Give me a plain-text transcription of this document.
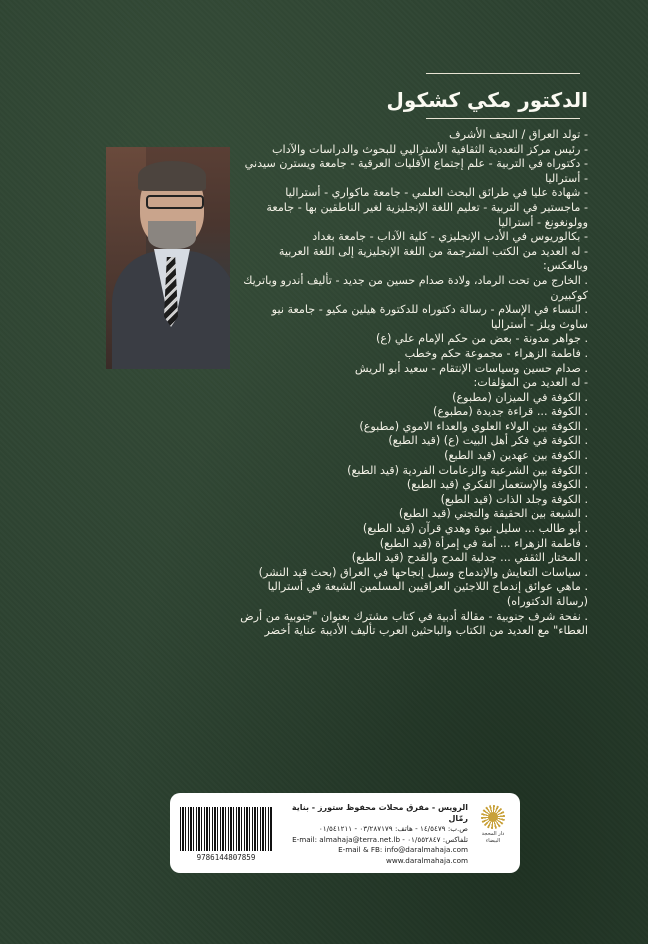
الدكتور مكي كشكول

- تولد العراق / النجف الأشرف

- رئيس مركز التعددية الثقافية الأستراليي للبحوث والدراسات والآداب

- دكتوراه في التربية - علم إجتماع الأقليات العرقية - جامعة ويسترن سيدني - أستراليا

- شهادة عليا في طرائق البحث العلمي - جامعة ماكواري - أستراليا

- ماجستير في التربية - تعليم اللغة الإنجليزية لغير الناطقين بها - جامعة وولونغونغ - أستراليا

- بكالوريوس في الأدب الإنجليزي - كلية الآداب - جامعة بغداد

- له العديد من الكتب المترجمة من اللغة الإنجليزية إلى اللغة العربية وبالعكس:

. الخارج من تحت الرماد، ولادة صدام حسين من جديد - تأليف أندرو وباتريك كوكبيرن

. النساء في الإسلام - رسالة دكتوراه للدكتورة هيلين مكيو - جامعة نيو ساوث ويلز - أستراليا

. جواهر مدونة - بعض من حكم الإمام علي (ع)

. فاطمة الزهراء - مجموعة حكم وخطب

. صدام حسين وسياسات الإنتقام - سعيد أبو الريش

- له العديد من المؤلفات:

. الكوفة في الميزان (مطبوع)

. الكوفة ... قراءة جديدة (مطبوع)

. الكوفة بين الولاء العلوي والعداء الاموي (مطبوع)

. الكوفة في فكر أهل البيت (ع) (قيد الطبع)

. الكوفة بين عهدين (قيد الطبع)

. الكوفة بين الشرعية والزعامات الفردية (قيد الطبع)

. الكوفة والإستعمار الفكري (قيد الطبع)

. الكوفة وجلد الذات (قيد الطبع)

. الشيعة بين الحقيقة والتجني (قيد الطبع)

. أبو طالب ... سليل نبوة وهدي قرآن (قيد الطبع)

. فاطمة الزهراء ... أمة في إمرأة (قيد الطبع)

. المختار الثقفي ... جدلية المدح والقدح (قيد الطبع)

. سياسات التعايش والإندماج وسبل إنجاحها في العراق (بحث قيد النشر)

. ماهي عوائق إندماج اللاجئين العراقيين المسلمين الشيعة في أستراليا (رسالة الدكتوراه)

. نفحة شرف جنوبية - مقالة أدبية في كتاب مشترك بعنوان "جنوبية من أرض العطاء" مع العديد من الكتاب والباحثين العرب تأليف الأديبة عناية أخضر

9786144807859
الرويس - مفرق محلات محفوظ ستورز - بناية رمّال
ص.ب: ١٤/٥٤٧٩ - هاتف: ٠٣/٢٨٧١٧٩ - ٠١/٥٤١٢١١
تلفاكس: ٠١/٥٥٢٨٤٧ - E-mail: almahaja@terra.net.lb
E-mail & FB: info@daralmahaja.com
www.daralmahaja.com
دار المحجة البيضاء
